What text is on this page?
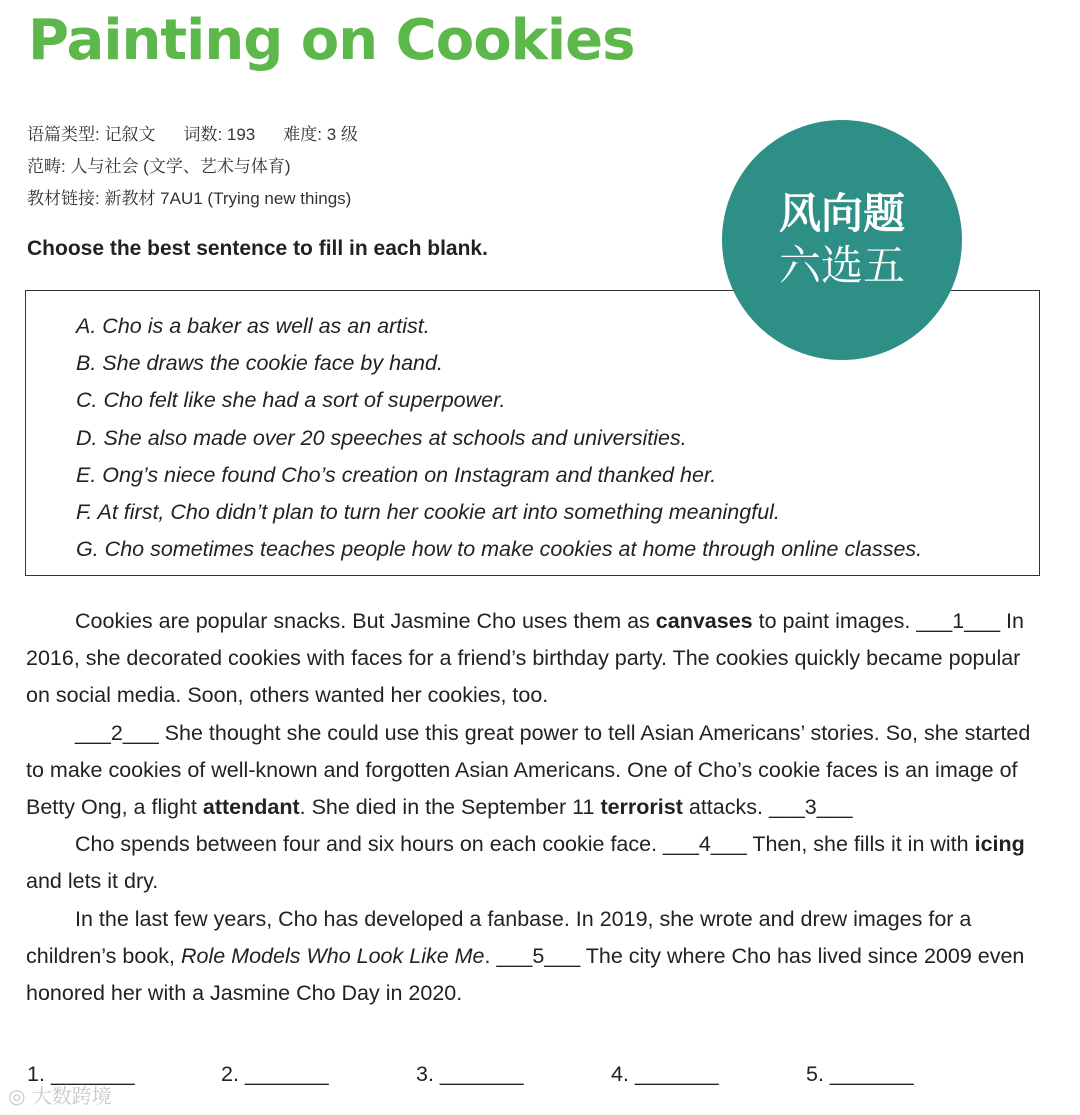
Painting on Cookies
语篇类型: 记叙文 词数: 193 难度: 3 级
范畴: 人与社会 (文学、艺术与体育)
教材链接: 新教材 7AU1 (Trying new things)

Choose the best sentence to fill in each blank.

风向题
六选五
A. Cho is a baker as well as an artist.
B. She draws the cookie face by hand.
C. Cho felt like she had a sort of superpower.
D. She also made over 20 speeches at schools and universities.
E. Ong’s niece found Cho’s creation on Instagram and thanked her.
F. At first, Cho didn’t plan to turn her cookie art into something meaningful.
G. Cho sometimes teaches people how to make cookies at home through online classes.

Cookies are popular snacks. But Jasmine Cho uses them as canvases to paint images. ___1___ In 2016, she decorated cookies with faces for a friend’s birthday party. The cookies quickly became popular on social media. Soon, others wanted her cookies, too.

___2___ She thought she could use this great power to tell Asian Americans’ stories. So, she started to make cookies of well-known and forgotten Asian Americans. One of Cho’s cookie faces is an image of Betty Ong, a flight attendant. She died in the September 11 terrorist attacks. ___3___

Cho spends between four and six hours on each cookie face. ___4___ Then, she fills it in with icing and lets it dry.

In the last few years, Cho has developed a fanbase. In 2019, she wrote and drew images for a children’s book, Role Models Who Look Like Me. ___5___ The city where Cho has lived since 2009 even honored her with a Jasmine Cho Day in 2020.

1. _______	2. _______	3. _______	4. _______	5. _______
◎ 大数跨境
